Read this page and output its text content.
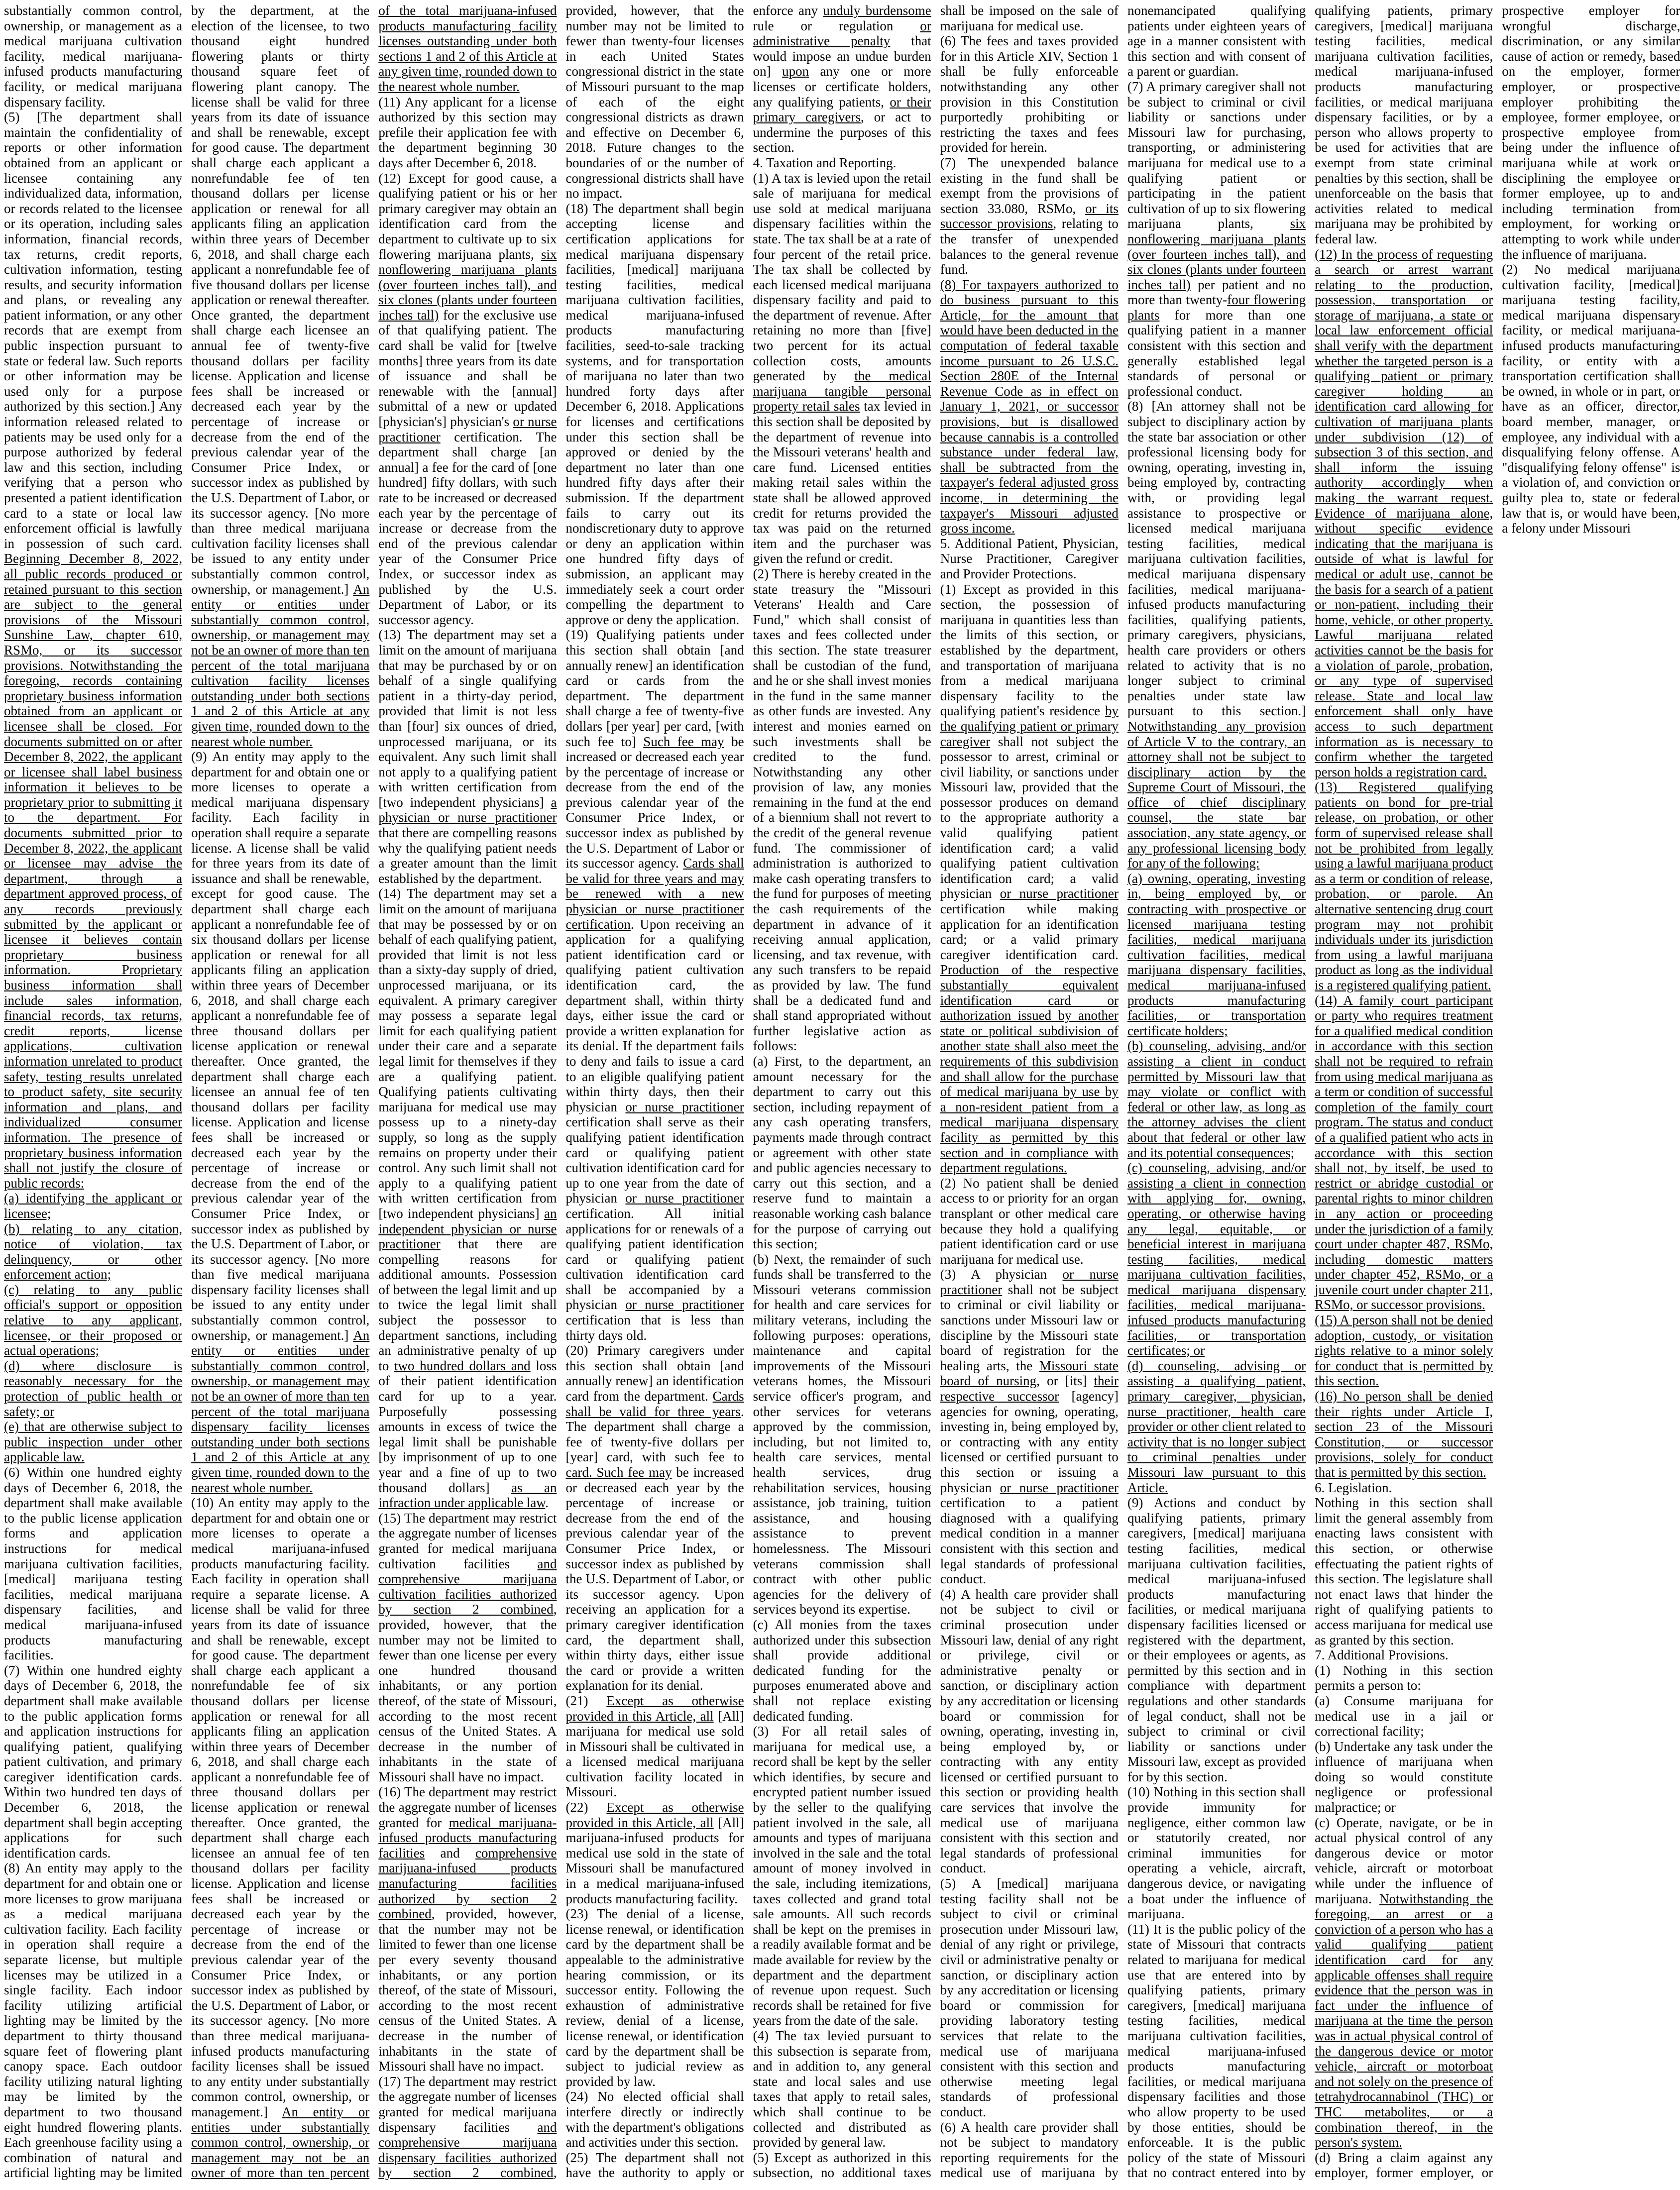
substantially common control, ownership, or management as a medical marijuana cultivation facility, medical marijuana-infused products manufacturing facility, or medical marijuana dispensary facility.

(5) [The department shall maintain the confidentiality of reports or other information obtained from an applicant or licensee containing any individualized data, information, or records related to the licensee or its operation, including sales information, financial records, tax returns, credit reports, cultivation information, testing results, and security information and plans, or revealing any patient information, or any other records that are exempt from public inspection pursuant to state or federal law. Such reports or other information may be used only for a purpose authorized by this section.] Any information released related to patients may be used only for a purpose authorized by federal law and this section, including verifying that a person who presented a patient identification card to a state or local law enforcement official is lawfully in possession of such card. Beginning December 8, 2022, all public records produced or retained pursuant to this section are subject to the general provisions of the Missouri Sunshine Law, chapter 610, RSMo, or its successor provisions. Notwithstanding the foregoing, records containing proprietary business information obtained from an applicant or licensee shall be closed. For documents submitted on or after December 8, 2022, the applicant or licensee shall label business information it believes to be proprietary prior to submitting it to the department. For documents submitted prior to December 8, 2022, the applicant or licensee may advise the department, through a department approved process, of any records previously submitted by the applicant or licensee it believes contain proprietary business information. Proprietary business information shall include sales information, financial records, tax returns, credit reports, license applications, cultivation information unrelated to product safety, testing results unrelated to product safety, site security information and plans, and individualized consumer information. The presence of proprietary business information shall not justify the closure of public records:

(a) identifying the applicant or licensee;

(b) relating to any citation, notice of violation, tax delinquency, or other enforcement action;

(c) relating to any public official's support or opposition relative to any applicant, licensee, or their proposed or actual operations;

(d) where disclosure is reasonably necessary for the protection of public health or safety; or

(e) that are otherwise subject to public inspection under other applicable law.

(6) Within one hundred eighty days of December 6, 2018, the department shall make available to the public license application forms and application instructions for medical marijuana cultivation facilities, [medical] marijuana testing facilities, medical marijuana dispensary facilities, and medical marijuana-infused products manufacturing facilities.

(7) Within one hundred eighty days of December 6, 2018, the department shall make available to the public application forms and application instructions for qualifying patient, qualifying patient cultivation, and primary caregiver identification cards. Within two hundred ten days of December 6, 2018, the department shall begin accepting applications for such identification cards.

(8) An entity may apply to the department for and obtain one or more licenses to grow marijuana as a medical marijuana cultivation facility. Each facility in operation shall require a separate license, but multiple licenses may be utilized in a single facility. Each indoor facility utilizing artificial lighting may be limited by the department to thirty thousand square feet of flowering plant canopy space. Each outdoor facility utilizing natural lighting may be limited by the department to two thousand eight hundred flowering plants. Each greenhouse facility using a combination of natural and artificial lighting may be limited by the department, at the election of the licensee, to two thousand eight hundred flowering plants or thirty thousand square feet of flowering plant canopy. The license shall be valid for three years from its date of issuance and shall be renewable, except for good cause. The department shall charge each applicant a nonrefundable fee of ten thousand dollars per license application or renewal for all applicants filing an application within three years of December 6, 2018, and shall charge each applicant a nonrefundable fee of five thousand dollars per license application or renewal thereafter. Once granted, the department shall charge each licensee an annual fee of twenty-five thousand dollars per facility license. Application and license fees shall be increased or decreased each year by the percentage of increase or decrease from the end of the previous calendar year of the Consumer Price Index, or successor index as published by the U.S. Department of Labor, or its successor agency. [No more than three medical marijuana cultivation facility licenses shall be issued to any entity under substantially common control, ownership, or management.] An entity or entities under substantially common control, ownership, or management may not be an owner of more than ten percent of the total marijuana cultivation facility licenses outstanding under both sections 1 and 2 of this Article at any given time, rounded down to the nearest whole number.

(9) An entity may apply to the department for and obtain one or more licenses to operate a medical marijuana dispensary facility. Each facility in operation shall require a separate license. A license shall be valid for three years from its date of issuance and shall be renewable, except for good cause. The department shall charge each applicant a nonrefundable fee of six thousand dollars per license application or renewal for all applicants filing an application within three years of December 6, 2018, and shall charge each applicant a nonrefundable fee of three thousand dollars per license application or renewal thereafter. Once granted, the department shall charge each licensee an annual fee of ten thousand dollars per facility license. Application and license fees shall be increased or decreased each year by the percentage of increase or decrease from the end of the previous calendar year of the Consumer Price Index, or successor index as published by the U.S. Department of Labor, or its successor agency. [No more than five medical marijuana dispensary facility licenses shall be issued to any entity under substantially common control, ownership, or management.] An entity or entities under substantially common control, ownership, or management may not be an owner of more than ten percent of the total marijuana dispensary facility licenses outstanding under both sections 1 and 2 of this Article at any given time, rounded down to the nearest whole number.

(10) An entity may apply to the department for and obtain one or more licenses to operate a medical marijuana-infused products manufacturing facility. Each facility in operation shall require a separate license. A license shall be valid for three years from its date of issuance and shall be renewable, except for good cause. The department shall charge each applicant a nonrefundable fee of six thousand dollars per license application or renewal for all applicants filing an application within three years of December 6, 2018, and shall charge each applicant a nonrefundable fee of three thousand dollars per license application or renewal thereafter. Once granted, the department shall charge each licensee an annual fee of ten thousand dollars per facility license. Application and license fees shall be increased or decreased each year by the percentage of increase or decrease from the end of the previous calendar year of the Consumer Price Index, or successor index as published by the U.S. Department of Labor, or its successor agency. [No more than three medical marijuana-infused products manufacturing facility licenses shall be issued to any entity under substantially common control, ownership, or management.] An entity or entities under substantially common control, ownership, or management may not be an owner of more than ten percent of the total marijuana-infused products manufacturing facility licenses outstanding under both sections 1 and 2 of this Article at any given time, rounded down to the nearest whole number.

(11) Any applicant for a license authorized by this section may prefile their application fee with the department beginning 30 days after December 6, 2018.

(12) Except for good cause, a qualifying patient or his or her primary caregiver may obtain an identification card from the department to cultivate up to six flowering marijuana plants, six nonflowering marijuana plants (over fourteen inches tall), and six clones (plants under fourteen inches tall) for the exclusive use of that qualifying patient. The card shall be valid for [twelve months] three years from its date of issuance and shall be renewable with the [annual] submittal of a new or updated [physician's] physician's or nurse practitioner certification. The department shall charge [an annual] a fee for the card of [one hundred] fifty dollars, with such rate to be increased or decreased each year by the percentage of increase or decrease from the end of the previous calendar year of the Consumer Price Index, or successor index as published by the U.S. Department of Labor, or its successor agency.

(13) The department may set a limit on the amount of marijuana that may be purchased by or on behalf of a single qualifying patient in a thirty-day period, provided that limit is not less than [four] six ounces of dried, unprocessed marijuana, or its equivalent. Any such limit shall not apply to a qualifying patient with written certification from [two independent physicians] a physician or nurse practitioner that there are compelling reasons why the qualifying patient needs a greater amount than the limit established by the department.

(14) The department may set a limit on the amount of marijuana that may be possessed by or on behalf of each qualifying patient, provided that limit is not less than a sixty-day supply of dried, unprocessed marijuana, or its equivalent. A primary caregiver may possess a separate legal limit for each qualifying patient under their care and a separate legal limit for themselves if they are a qualifying patient. Qualifying patients cultivating marijuana for medical use may possess up to a ninety-day supply, so long as the supply remains on property under their control. Any such limit shall not apply to a qualifying patient with written certification from [two independent physicians] an independent physician or nurse practitioner that there are compelling reasons for additional amounts. Possession of between the legal limit and up to twice the legal limit shall subject the possessor to department sanctions, including an administrative penalty of up to two hundred dollars and loss of their patient identification card for up to a year. Purposefully possessing amounts in excess of twice the legal limit shall be punishable [by imprisonment of up to one year and a fine of up to two thousand dollars] as an infraction under applicable law.

(15) The department may restrict the aggregate number of licenses granted for medical marijuana cultivation facilities and comprehensive marijuana cultivation facilities authorized by section 2 combined, provided, however, that the number may not be limited to fewer than one license per every one hundred thousand inhabitants, or any portion thereof, of the state of Missouri, according to the most recent census of the United States. A decrease in the number of inhabitants in the state of Missouri shall have no impact.

(16) The department may restrict the aggregate number of licenses granted for medical marijuana-infused products manufacturing facilities and comprehensive marijuana-infused products manufacturing facilities authorized by section 2 combined, provided, however, that the number may not be limited to fewer than one license per every seventy thousand inhabitants, or any portion thereof, of the state of Missouri, according to the most recent census of the United States. A decrease in the number of inhabitants in the state of Missouri shall have no impact.

(17) The department may restrict the aggregate number of licenses granted for medical marijuana dispensary facilities and comprehensive marijuana dispensary facilities authorized by section 2 combined, provided, however, that the number may not be limited to fewer than twenty-four licenses in each United States congressional district in the state of Missouri pursuant to the map of each of the eight congressional districts as drawn and effective on December 6, 2018. Future changes to the boundaries of or the number of congressional districts shall have no impact.

(18) The department shall begin accepting license and certification applications for medical marijuana dispensary facilities, [medical] marijuana testing facilities, medical marijuana cultivation facilities, medical marijuana-infused products manufacturing facilities, seed-to-sale tracking systems, and for transportation of marijuana no later than two hundred forty days after December 6, 2018. Applications for licenses and certifications under this section shall be approved or denied by the department no later than one hundred fifty days after their submission. If the department fails to carry out its nondiscretionary duty to approve or deny an application within one hundred fifty days of submission, an applicant may immediately seek a court order compelling the department to approve or deny the application.

(19) Qualifying patients under this section shall obtain [and annually renew] an identification card or cards from the department. The department shall charge a fee of twenty-five dollars [per year] per card, [with such fee to] Such fee may be increased or decreased each year by the percentage of increase or decrease from the end of the previous calendar year of the Consumer Price Index, or successor index as published by the U.S. Department of Labor or its successor agency. Cards shall be valid for three years and may be renewed with a new physician or nurse practitioner certification. Upon receiving an application for a qualifying patient identification card or qualifying patient cultivation identification card, the department shall, within thirty days, either issue the card or provide a written explanation for its denial. If the department fails to deny and fails to issue a card to an eligible qualifying patient within thirty days, then their physician or nurse practitioner certification shall serve as their qualifying patient identification card or qualifying patient cultivation identification card for up to one year from the date of physician or nurse practitioner certification. All initial applications for or renewals of a qualifying patient identification card or qualifying patient cultivation identification card shall be accompanied by a physician or nurse practitioner certification that is less than thirty days old.

(20) Primary caregivers under this section shall obtain [and annually renew] an identification card from the department. Cards shall be valid for three years. The department shall charge a fee of twenty-five dollars per [year] card, with such fee to card. Such fee may be increased or decreased each year by the percentage of increase or decrease from the end of the previous calendar year of the Consumer Price Index, or successor index as published by the U.S. Department of Labor, or its successor agency. Upon receiving an application for a primary caregiver identification card, the department shall, within thirty days, either issue the card or provide a written explanation for its denial.

(21) Except as otherwise provided in this Article, all [All] marijuana for medical use sold in Missouri shall be cultivated in a licensed medical marijuana cultivation facility located in Missouri.

(22) Except as otherwise provided in this Article, all [All] marijuana-infused products for medical use sold in the state of Missouri shall be manufactured in a medical marijuana-infused products manufacturing facility.

(23) The denial of a license, license renewal, or identification card by the department shall be appealable to the administrative hearing commission, or its successor entity. Following the exhaustion of administrative review, denial of a license, license renewal, or identification card by the department shall be subject to judicial review as provided by law.

(24) No elected official shall interfere directly or indirectly with the department's obligations and activities under this section.

(25) The department shall not have the authority to apply or enforce any unduly burdensome rule or regulation or administrative penalty that would impose an undue burden on] upon any one or more licenses or certificate holders, any qualifying patients, or their primary caregivers, or act to undermine the purposes of this section.

4. Taxation and Reporting.

(1) A tax is levied upon the retail sale of marijuana for medical use sold at medical marijuana dispensary facilities within the state. The tax shall be at a rate of four percent of the retail price. The tax shall be collected by each licensed medical marijuana dispensary facility and paid to the department of revenue. After retaining no more than [five] two percent for its actual collection costs, amounts generated by the medical marijuana tangible personal property retail sales tax levied in this section shall be deposited by the department of revenue into the Missouri veterans' health and care fund. Licensed entities making retail sales within the state shall be allowed approved credit for returns provided the tax was paid on the returned item and the purchaser was given the refund or credit.

(2) There is hereby created in the state treasury the "Missouri Veterans' Health and Care Fund," which shall consist of taxes and fees collected under this section. The state treasurer shall be custodian of the fund, and he or she shall invest monies in the fund in the same manner as other funds are invested. Any interest and monies earned on such investments shall be credited to the fund. Notwithstanding any other provision of law, any monies remaining in the fund at the end of a biennium shall not revert to the credit of the general revenue fund. The commissioner of administration is authorized to make cash operating transfers to the fund for purposes of meeting the cash requirements of the department in advance of it receiving annual application, licensing, and tax revenue, with any such transfers to be repaid as provided by law. The fund shall be a dedicated fund and shall stand appropriated without further legislative action as follows:

(a) First, to the department, an amount necessary for the department to carry out this section, including repayment of any cash operating transfers, payments made through contract or agreement with other state and public agencies necessary to carry out this section, and a reserve fund to maintain a reasonable working cash balance for the purpose of carrying out this section;

(b) Next, the remainder of such funds shall be transferred to the Missouri veterans commission for health and care services for military veterans, including the following purposes: operations, maintenance and capital improvements of the Missouri veterans homes, the Missouri service officer's program, and other services for veterans approved by the commission, including, but not limited to, health care services, mental health services, drug rehabilitation services, housing assistance, job training, tuition assistance, and housing assistance to prevent homelessness. The Missouri veterans commission shall contract with other public agencies for the delivery of services beyond its expertise.

(c) All monies from the taxes authorized under this subsection shall provide additional dedicated funding for the purposes enumerated above and shall not replace existing dedicated funding.

(3) For all retail sales of marijuana for medical use, a record shall be kept by the seller which identifies, by secure and encrypted patient number issued by the seller to the qualifying patient involved in the sale, all amounts and types of marijuana involved in the sale and the total amount of money involved in the sale, including itemizations, taxes collected and grand total sale amounts. All such records shall be kept on the premises in a readily available format and be made available for review by the department and the department of revenue upon request. Such records shall be retained for five years from the date of the sale.

(4) The tax levied pursuant to this subsection is separate from, and in addition to, any general state and local sales and use taxes that apply to retail sales, which shall continue to be collected and distributed as provided by general law.

(5) Except as authorized in this subsection, no additional taxes shall be imposed on the sale of marijuana for medical use.

(6) The fees and taxes provided for in this Article XIV, Section 1 shall be fully enforceable notwithstanding any other provision in this Constitution purportedly prohibiting or restricting the taxes and fees provided for herein.

(7) The unexpended balance existing in the fund shall be exempt from the provisions of section 33.080, RSMo, or its successor provisions, relating to the transfer of unexpended balances to the general revenue fund.

(8) For taxpayers authorized to do business pursuant to this Article, for the amount that would have been deducted in the computation of federal taxable income pursuant to 26 U.S.C. Section 280E of the Internal Revenue Code as in effect on January 1, 2021, or successor provisions, but is disallowed because cannabis is a controlled substance under federal law, shall be subtracted from the taxpayer's federal adjusted gross income, in determining the taxpayer's Missouri adjusted gross income.

5. Additional Patient, Physician, Nurse Practitioner, Caregiver and Provider Protections.

(1) Except as provided in this section, the possession of marijuana in quantities less than the limits of this section, or established by the department, and transportation of marijuana from a medical marijuana dispensary facility to the qualifying patient's residence by the qualifying patient or primary caregiver shall not subject the possessor to arrest, criminal or civil liability, or sanctions under Missouri law, provided that the possessor produces on demand to the appropriate authority a valid qualifying patient identification card; a valid qualifying patient cultivation identification card; a valid physician or nurse practitioner certification while making application for an identification card; or a valid primary caregiver identification card. Production of the respective substantially equivalent identification card or authorization issued by another state or political subdivision of another state shall also meet the requirements of this subdivision and shall allow for the purchase of medical marijuana by use by a non-resident patient from a medical marijuana dispensary facility as permitted by this section and in compliance with department regulations.

(2) No patient shall be denied access to or priority for an organ transplant or other medical care because they hold a qualifying patient identification card or use marijuana for medical use.

(3) A physician or nurse practitioner shall not be subject to criminal or civil liability or sanctions under Missouri law or discipline by the Missouri state board of registration for the healing arts, the Missouri state board of nursing, or [its] their respective successor [agency] agencies for owning, operating, investing in, being employed by, or contracting with any entity licensed or certified pursuant to this section or issuing a physician or nurse practitioner certification to a patient diagnosed with a qualifying medical condition in a manner consistent with this section and legal standards of professional conduct.

(4) A health care provider shall not be subject to civil or criminal prosecution under Missouri law, denial of any right or privilege, civil or administrative penalty or sanction, or disciplinary action by any accreditation or licensing board or commission for owning, operating, investing in, being employed by, or contracting with any entity licensed or certified pursuant to this section or providing health care services that involve the medical use of marijuana consistent with this section and legal standards of professional conduct.

(5) A [medical] marijuana testing facility shall not be subject to civil or criminal prosecution under Missouri law, denial of any right or privilege, civil or administrative penalty or sanction, or disciplinary action by any accreditation or licensing board or commission for providing laboratory testing services that relate to the medical use of marijuana consistent with this section and otherwise meeting legal standards of professional conduct.

(6) A health care provider shall not be subject to mandatory reporting requirements for the medical use of marijuana by nonemancipated qualifying patients under eighteen years of age in a manner consistent with this section and with consent of a parent or guardian.

(7) A primary caregiver shall not be subject to criminal or civil liability or sanctions under Missouri law for purchasing, transporting, or administering marijuana for medical use to a qualifying patient or participating in the patient cultivation of up to six flowering marijuana plants, six nonflowering marijuana plants (over fourteen inches tall), and six clones (plants under fourteen inches tall) per patient and no more than twenty-four flowering plants for more than one qualifying patient in a manner consistent with this section and generally established legal standards of personal or professional conduct.

(8) [An attorney shall not be subject to disciplinary action by the state bar association or other professional licensing body for owning, operating, investing in, being employed by, contracting with, or providing legal assistance to prospective or licensed medical marijuana testing facilities, medical marijuana cultivation facilities, medical marijuana dispensary facilities, medical marijuana-infused products manufacturing facilities, qualifying patients, primary caregivers, physicians, health care providers or others related to activity that is no longer subject to criminal penalties under state law pursuant to this section.] Notwithstanding any provision of Article V to the contrary, an attorney shall not be subject to disciplinary action by the Supreme Court of Missouri, the office of chief disciplinary counsel, the state bar association, any state agency, or any professional licensing body for any of the following:

(a) owning, operating, investing in, being employed by, or contracting with prospective or licensed marijuana testing facilities, medical marijuana cultivation facilities, medical marijuana dispensary facilities, medical marijuana-infused products manufacturing facilities, or transportation certificate holders;

(b) counseling, advising, and/or assisting a client in conduct permitted by Missouri law that may violate or conflict with federal or other law, as long as the attorney advises the client about that federal or other law and its potential consequences;

(c) counseling, advising, and/or assisting a client in connection with applying for, owning, operating, or otherwise having any legal, equitable, or beneficial interest in marijuana testing facilities, medical marijuana cultivation facilities, medical marijuana dispensary facilities, medical marijuana-infused products manufacturing facilities, or transportation certificates; or

(d) counseling, advising or assisting a qualifying patient, primary caregiver, physician, nurse practitioner, health care provider or other client related to activity that is no longer subject to criminal penalties under Missouri law pursuant to this Article.

(9) Actions and conduct by qualifying patients, primary caregivers, [medical] marijuana testing facilities, medical marijuana cultivation facilities, medical marijuana-infused products manufacturing facilities, or medical marijuana dispensary facilities licensed or registered with the department, or their employees or agents, as permitted by this section and in compliance with department regulations and other standards of legal conduct, shall not be subject to criminal or civil liability or sanctions under Missouri law, except as provided for by this section.

(10) Nothing in this section shall provide immunity for negligence, either common law or statutorily created, nor criminal immunities for operating a vehicle, aircraft, dangerous device, or navigating a boat under the influence of marijuana.

(11) It is the public policy of the state of Missouri that contracts related to marijuana for medical use that are entered into by qualifying patients, primary caregivers, [medical] marijuana testing facilities, medical marijuana cultivation facilities, medical marijuana-infused products manufacturing facilities, or medical marijuana dispensary facilities and those who allow property to be used by those entities, should be enforceable. It is the public policy of the state of Missouri that no contract entered into by qualifying patients, primary caregivers, [medical] marijuana testing facilities, medical marijuana cultivation facilities, medical marijuana-infused products manufacturing facilities, or medical marijuana dispensary facilities, or by a person who allows property to be used for activities that are exempt from state criminal penalties by this section, shall be unenforceable on the basis that activities related to medical marijuana may be prohibited by federal law.

(12) In the process of requesting a search or arrest warrant relating to the production, possession, transportation or storage of marijuana, a state or local law enforcement official shall verify with the department whether the targeted person is a qualifying patient or primary caregiver holding an identification card allowing for cultivation of marijuana plants under subdivision (12) of subsection 3 of this section, and shall inform the issuing authority accordingly when making the warrant request. Evidence of marijuana alone, without specific evidence indicating that the marijuana is outside of what is lawful for medical or adult use, cannot be the basis for a search of a patient or non-patient, including their home, vehicle, or other property. Lawful marijuana related activities cannot be the basis for a violation of parole, probation, or any type of supervised release. State and local law enforcement shall only have access to such department information as is necessary to confirm whether the targeted person holds a registration card.

(13) Registered qualifying patients on bond for pre-trial release, on probation, or other form of supervised release shall not be prohibited from legally using a lawful marijuana product as a term or condition of release, probation, or parole. An alternative sentencing drug court program may not prohibit individuals under its jurisdiction from using a lawful marijuana product as long as the individual is a registered qualifying patient.

(14) A family court participant or party who requires treatment for a qualified medical condition in accordance with this section shall not be required to refrain from using medical marijuana as a term or condition of successful completion of the family court program. The status and conduct of a qualified patient who acts in accordance with this section shall not, by itself, be used to restrict or abridge custodial or parental rights to minor children in any action or proceeding under the jurisdiction of a family court under chapter 487, RSMo, including domestic matters under chapter 452, RSMo, or a juvenile court under chapter 211, RSMo, or successor provisions.

(15) A person shall not be denied adoption, custody, or visitation rights relative to a minor solely for conduct that is permitted by this section.

(16) No person shall be denied their rights under Article I, section 23 of the Missouri Constitution, or successor provisions, solely for conduct that is permitted by this section.

6. Legislation.

Nothing in this section shall limit the general assembly from enacting laws consistent with this section, or otherwise effectuating the patient rights of this section. The legislature shall not enact laws that hinder the right of qualifying patients to access marijuana for medical use as granted by this section.

7. Additional Provisions.

(1) Nothing in this section permits a person to:

(a) Consume marijuana for medical use in a jail or correctional facility;

(b) Undertake any task under the influence of marijuana when doing so would constitute negligence or professional malpractice; or

(c) Operate, navigate, or be in actual physical control of any dangerous device or motor vehicle, aircraft or motorboat while under the influence of marijuana. Notwithstanding the foregoing, an arrest or a conviction of a person who has a valid qualifying patient identification card for any applicable offenses shall require evidence that the person was in fact under the influence of marijuana at the time the person was in actual physical control of the dangerous device or motor vehicle, aircraft or motorboat and not solely on the presence of tetrahydrocannabinol (THC) or THC metabolites, or a combination thereof, in the person's system.

(d) Bring a claim against any employer, former employer, or prospective employer for wrongful discharge, discrimination, or any similar cause of action or remedy, based on the employer, former employer, or prospective employer prohibiting the employee, former employee, or prospective employee from being under the influence of marijuana while at work or disciplining the employee or former employee, up to and including termination from employment, for working or attempting to work while under the influence of marijuana.

(2) No medical marijuana cultivation facility, [medical] marijuana testing facility, medical marijuana dispensary facility, or medical marijuana-infused products manufacturing facility, or entity with a transportation certification shall be owned, in whole or in part, or have as an officer, director, board member, manager, or employee, any individual with a disqualifying felony offense. A "disqualifying felony offense" is a violation of, and conviction or guilty plea to, state or federal law that is, or would have been, a felony under Missouri
